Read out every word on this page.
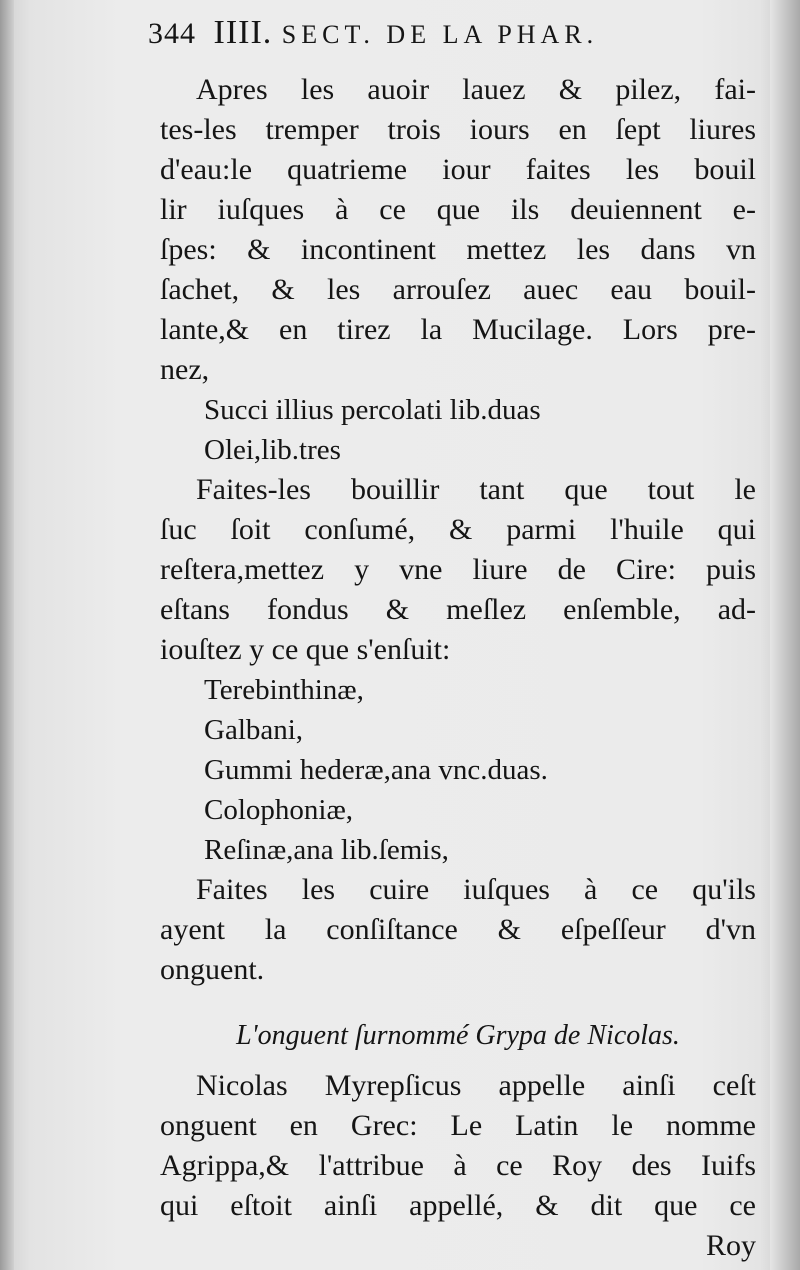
344 IIII. SECT. DE LA PHAR.
Apres les auoir lauez & pilez, fai-
tes-les tremper trois iours en ſept liures
d'eau:le quatrieme iour faites les bouil
lir iuſques à ce que ils deuiennent e-
ſpes: & incontinent mettez les dans vn
ſachet, & les arrouſez auec eau bouil-
lante,& en tirez la Mucilage. Lors pre-
nez,
Succi illius percolati lib.duas
Olei,lib.tres
Faites-les bouillir tant que tout le
ſuc ſoit conſumé, & parmi l'huile qui
reſtera,mettez y vne liure de Cire: puis
eſtans fondus & meſlez enſemble, ad-
iouſtez y ce que s'enſuit:
Terebinthinæ,
Galbani,
Gummi hederæ,ana vnc.duas.
Colophoniæ,
Reſinæ,ana lib.ſemis,
Faites les cuire iuſques à ce qu'ils
ayent la conſiſtance & eſpeſſeur d'vn
onguent.
L'onguent ſurnommé Grypa de Nicolas.
Nicolas Myrepſicus appelle ainſi ceſt
onguent en Grec: Le Latin le nomme
Agrippa,& l'attribue à ce Roy des Iuifs
qui eſtoit ainſi appellé, & dit que ce
Roy
